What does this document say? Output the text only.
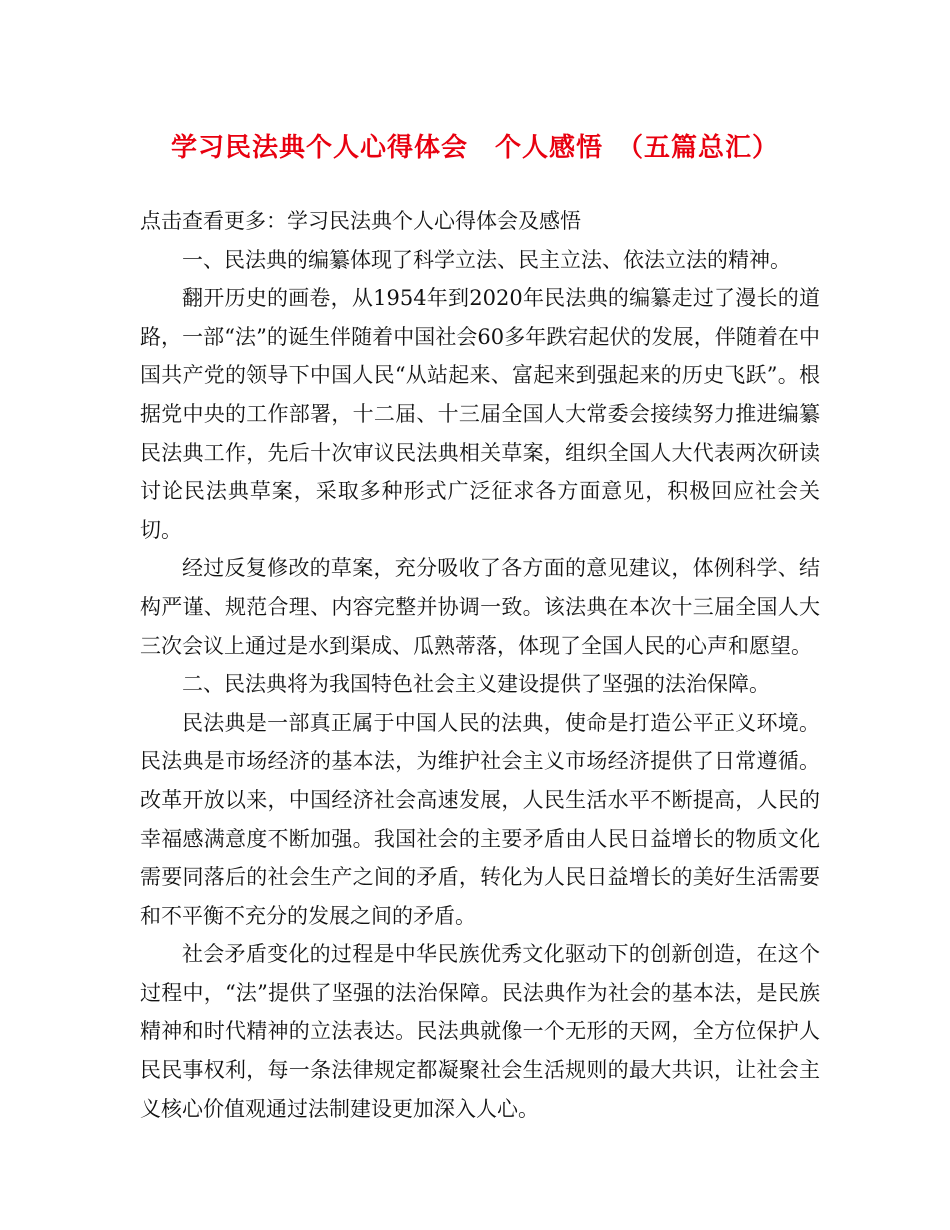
学习民法典个人心得体会　个人感悟　（五篇总汇）

点击查看更多：学习民法典个人心得体会及感悟

一、民法典的编纂体现了科学立法、民主立法、依法立法的精神。

翻开历史的画卷，从1954年到2020年民法典的编纂走过了漫长的道路，一部“法”的诞生伴随着中国社会60多年跌宕起伏的发展，伴随着在中国共产党的领导下中国人民“从站起来、富起来到强起来的历史飞跃”。根据党中央的工作部署，十二届、十三届全国人大常委会接续努力推进编纂民法典工作，先后十次审议民法典相关草案，组织全国人大代表两次研读讨论民法典草案，采取多种形式广泛征求各方面意见，积极回应社会关切。

经过反复修改的草案，充分吸收了各方面的意见建议，体例科学、结构严谨、规范合理、内容完整并协调一致。该法典在本次十三届全国人大三次会议上通过是水到渠成、瓜熟蒂落，体现了全国人民的心声和愿望。

二、民法典将为我国特色社会主义建设提供了坚强的法治保障。

民法典是一部真正属于中国人民的法典，使命是打造公平正义环境。民法典是市场经济的基本法，为维护社会主义市场经济提供了日常遵循。改革开放以来，中国经济社会高速发展，人民生活水平不断提高，人民的幸福感满意度不断加强。我国社会的主要矛盾由人民日益增长的物质文化需要同落后的社会生产之间的矛盾，转化为人民日益增长的美好生活需要和不平衡不充分的发展之间的矛盾。

社会矛盾变化的过程是中华民族优秀文化驱动下的创新创造，在这个过程中，“法”提供了坚强的法治保障。民法典作为社会的基本法，是民族精神和时代精神的立法表达。民法典就像一个无形的天网，全方位保护人民民事权利，每一条法律规定都凝聚社会生活规则的最大共识，让社会主义核心价值观通过法制建设更加深入人心。
